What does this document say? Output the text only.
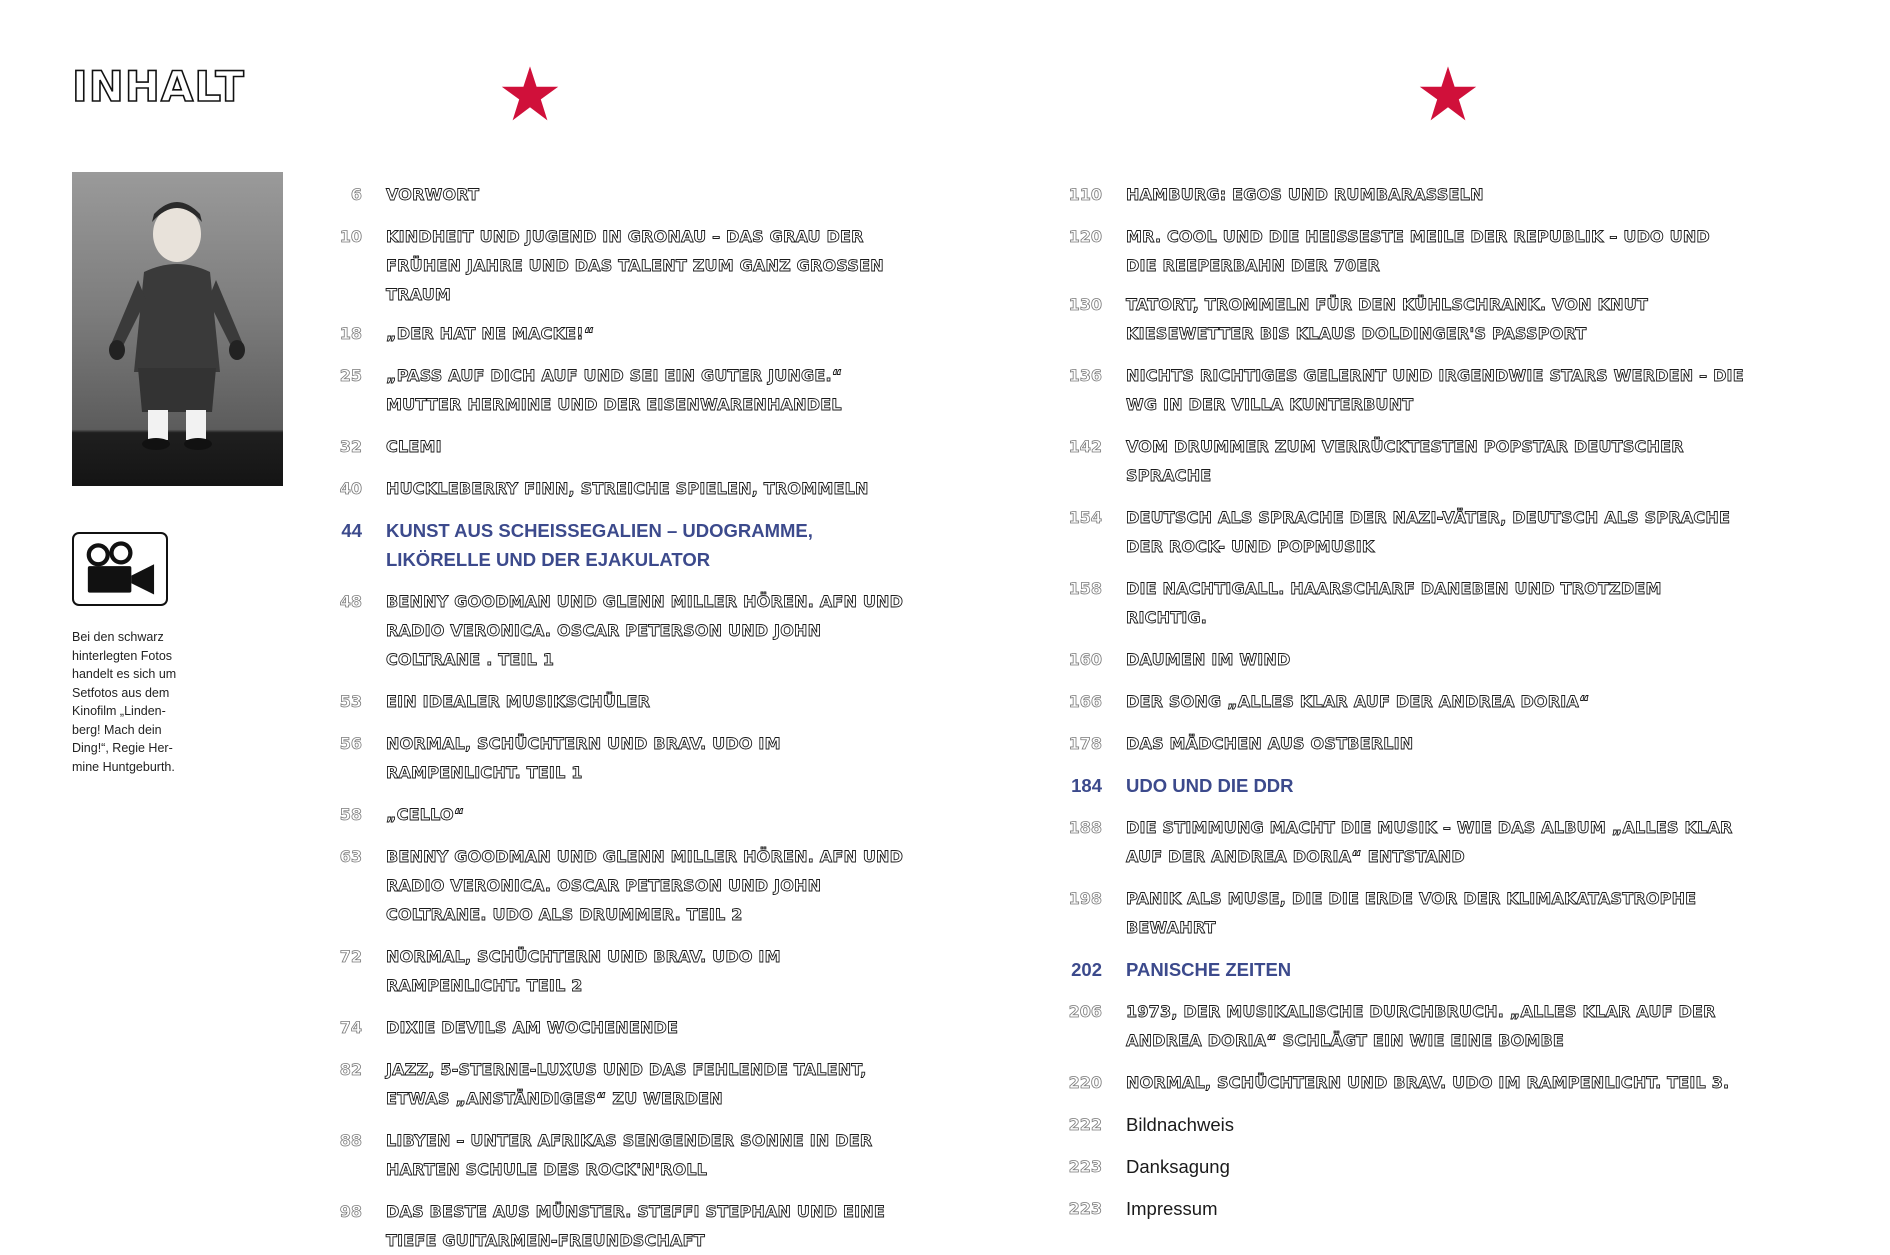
INHALT

Bei den schwarz hinterlegten Fotos handelt es sich um Setfotos aus dem Kinofilm „Linden-berg! Mach dein Ding!“, Regie Her-mine Huntgeburth.

6 VORWORT
10 KINDHEIT UND JUGEND IN GRONAU – DAS GRAU DER FRÜHEN JAHRE UND DAS TALENT ZUM GANZ GROSSEN TRAUM
18 „DER HAT NE MACKE!“
25 „PASS AUF DICH AUF UND SEI EIN GUTER JUNGE.“ MUTTER HERMINE UND DER EISENWARENHANDEL
32 CLEMI
40 HUCKLEBERRY FINN, STREICHE SPIELEN, TROMMELN
44 KUNST AUS SCHEISSEGALIEN – UDOGRAMME, LIKÖRELLE UND DER EJAKULATOR
48 BENNY GOODMAN UND GLENN MILLER HÖREN. AFN UND RADIO VERONICA. OSCAR PETERSON UND JOHN COLTRANE . TEIL 1
53 EIN IDEALER MUSIKSCHÜLER
56 NORMAL, SCHÜCHTERN UND BRAV. UDO IM RAMPENLICHT. TEIL 1
58 „CELLO“
63 BENNY GOODMAN UND GLENN MILLER HÖREN. AFN UND RADIO VERONICA. OSCAR PETERSON UND JOHN COLTRANE. UDO ALS DRUMMER. TEIL 2
72 NORMAL, SCHÜCHTERN UND BRAV. UDO IM RAMPENLICHT. TEIL 2
74 DIXIE DEVILS AM WOCHENENDE
82 JAZZ, 5-STERNE-LUXUS UND DAS FEHLENDE TALENT, ETWAS „ANSTÄNDIGES“ ZU WERDEN
88 LIBYEN – UNTER AFRIKAS SENGENDER SONNE IN DER HARTEN SCHULE DES ROCK'N'ROLL
98 DAS BESTE AUS MÜNSTER. STEFFI STEPHAN UND EINE TIEFE GUITARMEN-FREUNDSCHAFT
110 HAMBURG: EGOS UND RUMBARASSELN
120 MR. COOL UND DIE HEISSESTE MEILE DER REPUBLIK – UDO UND DIE REEPERBAHN DER 70ER
130 TATORT, TROMMELN FÜR DEN KÜHLSCHRANK. VON KNUT KIESEWETTER BIS KLAUS DOLDINGER'S PASSPORT
136 NICHTS RICHTIGES GELERNT UND IRGENDWIE STARS WERDEN – DIE WG IN DER VILLA KUNTERBUNT
142 VOM DRUMMER ZUM VERRÜCKTESTEN POPSTAR DEUTSCHER SPRACHE
154 DEUTSCH ALS SPRACHE DER NAZI-VÄTER, DEUTSCH ALS SPRACHE DER ROCK- UND POPMUSIK
158 DIE NACHTIGALL. HAARSCHARF DANEBEN UND TROTZDEM RICHTIG.
160 DAUMEN IM WIND
166 DER SONG „ALLES KLAR AUF DER ANDREA DORIA“
178 DAS MÄDCHEN AUS OSTBERLIN
184 UDO UND DIE DDR
188 DIE STIMMUNG MACHT DIE MUSIK – WIE DAS ALBUM „ALLES KLAR AUF DER ANDREA DORIA“ ENTSTAND
198 PANIK ALS MUSE, DIE DIE ERDE VOR DER KLIMAKATASTROPHE BEWAHRT
202 PANISCHE ZEITEN
206 1973, DER MUSIKALISCHE DURCHBRUCH. „ALLES KLAR AUF DER ANDREA DORIA“ SCHLÄGT EIN WIE EINE BOMBE
220 NORMAL, SCHÜCHTERN UND BRAV. UDO IM RAMPENLICHT. TEIL 3.
222 Bildnachweis
223 Danksagung
223 Impressum
